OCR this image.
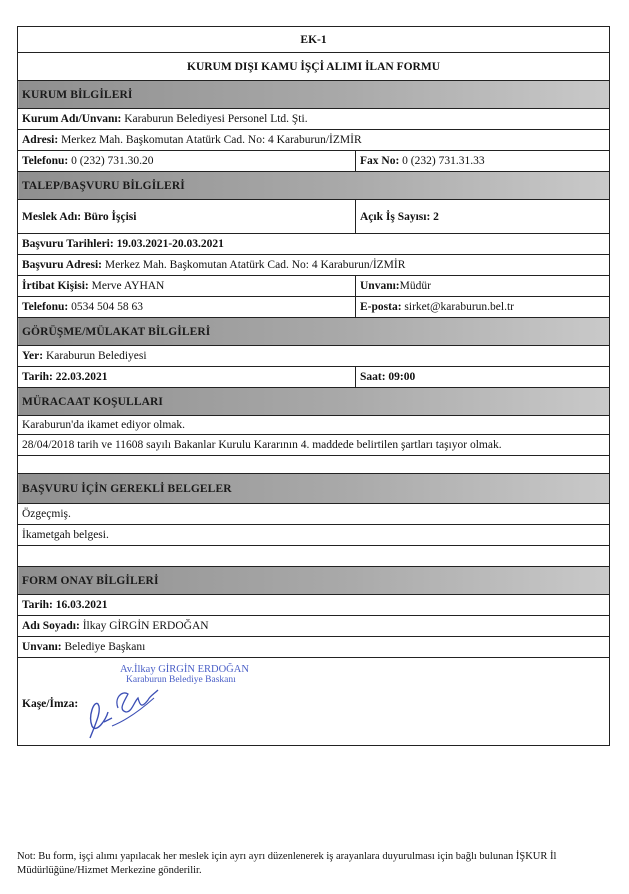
EK-1	
KURUM DIŞI KAMU İŞÇİ ALIMI İLAN FORMU	
KURUM BİLGİLERİ	
Kurum Adı/Unvanı: Karaburun Belediyesi Personel Ltd. Şti.	
Adresi: Merkez Mah. Başkomutan Atatürk Cad. No: 4 Karaburun/İZMİR	
Telefonu: 0 (232) 731.30.20	Fax No: 0 (232) 731.31.33
TALEP/BAŞVURU BİLGİLERİ	
Meslek Adı: Büro İşçisi	Açık İş Sayısı: 2
Başvuru Tarihleri: 19.03.2021-20.03.2021	
Başvuru Adresi: Merkez Mah. Başkomutan Atatürk Cad. No: 4 Karaburun/İZMİR	
İrtibat Kişisi: Merve AYHAN	Unvanı:Müdür
Telefonu: 0534 504 58 63	E-posta: sirket@karaburun.bel.tr
GÖRÜŞME/MÜLAKAT BİLGİLERİ	
Yer: Karaburun Belediyesi	
Tarih: 22.03.2021	Saat: 09:00
MÜRACAAT KOŞULLARI	
Karaburun'da ikamet ediyor olmak.	
28/04/2018 tarih ve 11608 sayılı Bakanlar Kurulu Kararının 4. maddede belirtilen şartları taşıyor olmak.	

BAŞVURU İÇİN GEREKLİ BELGELER	
Özgeçmiş.	
İkametgah belgesi.	

FORM ONAY BİLGİLERİ	
Tarih: 16.03.2021	
Adı Soyadı: İlkay GİRGİN ERDOĞAN	
Unvanı: Belediye Başkanı	

Av.İlkay GİRGİN ERDOĞAN
Karaburun Belediye Baskanı
Kaşe/İmza:	
Not: Bu form, işçi alımı yapılacak her meslek için ayrı ayrı düzenlenerek iş arayanlara duyurulması için bağlı bulunan İŞKUR İl Müdürlüğüne/Hizmet Merkezine gönderilir.
